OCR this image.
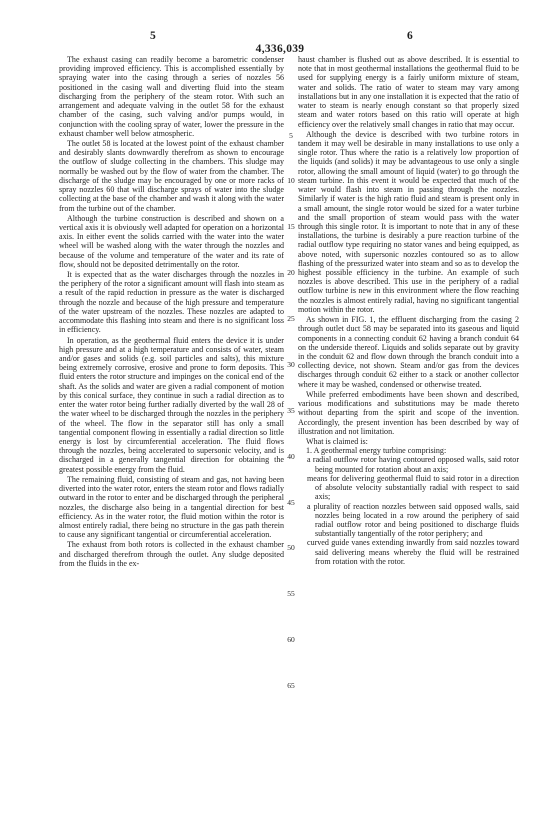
5
4,336,039
6

The exhaust casing can readily become a barometric condenser providing improved efficiency. This is accomplished essentially by spraying water into the casing through a series of nozzles 56 positioned in the casing wall and diverting fluid into the steam discharging from the periphery of the steam rotor. With such an arrangement and adequate valving in the outlet 58 for the exhaust chamber of the casing, such valving and/or pumps would, in conjunction with the cooling spray of water, lower the pressure in the exhaust chamber well below atmospheric.

The outlet 58 is located at the lowest point of the exhaust chamber and desirably slants downwardly therefrom as shown to encourage the outflow of sludge collecting in the chambers. This sludge may normally be washed out by the flow of water from the chamber. The discharge of the sludge may be encouraged by one or more racks of spray nozzles 60 that will discharge sprays of water into the sludge collecting at the base of the chamber and wash it along with the water from the turbine out of the chamber.

Although the turbine construction is described and shown on a vertical axis it is obviously well adapted for operation on a horizontal axis. In either event the solids carried with the water into the water wheel will be washed along with the water through the nozzles and because of the volume and temperature of the water and its rate of flow, should not be deposited detrimentally on the rotor.

It is expected that as the water discharges through the nozzles in the periphery of the rotor a significant amount will flash into steam as a result of the rapid reduction in pressure as the water is discharged through the nozzle and because of the high pressure and temperature of the water upstream of the nozzles. These nozzles are adapted to accommodate this flashing into steam and there is no significant loss in efficiency.

In operation, as the geothermal fluid enters the device it is under high pressure and at a high temperature and consists of water, steam and/or gases and solids (e.g. soil particles and salts), this mixture being extremely corrosive, erosive and prone to form deposits. This fluid enters the rotor structure and impinges on the conical end of the shaft. As the solids and water are given a radial component of motion by this conical surface, they continue in such a radial direction as to enter the water rotor being further radially diverted by the wall 28 of the water wheel to be discharged through the nozzles in the periphery of the wheel. The flow in the separator still has only a small tangential component flowing in essentially a radial direction so little energy is lost by circumferential acceleration. The fluid flows through the nozzles, being accelerated to supersonic velocity, and is discharged in a generally tangential direction for obtaining the greatest possible energy from the fluid.

The remaining fluid, consisting of steam and gas, not having been diverted into the water rotor, enters the steam rotor and flows radially outward in the rotor to enter and be discharged through the peripheral nozzles, the discharge also being in a tangential direction for best efficiency. As in the water rotor, the fluid motion within the rotor is almost entirely radial, there being no structure in the gas path therein to cause any significant tangential or circumferential acceleration.

The exhaust from both rotors is collected in the exhaust chamber and discharged therefrom through the outlet. Any sludge deposited from the fluids in the ex-

5
10
15
20
25
30
35
40
45
50
55
60
65

haust chamber is flushed out as above described. It is essential to note that in most geothermal installations the geothermal fluid to be used for supplying energy is a fairly uniform mixture of steam, water and solids. The ratio of water to steam may vary among installations but in any one installation it is expected that the ratio of water to steam is nearly enough constant so that properly sized steam and water rotors based on this ratio will operate at high efficiency over the relatively small changes in ratio that may occur.

Although the device is described with two turbine rotors in tandem it may well be desirable in many installations to use only a single rotor. Thus where the ratio is a relatively low proportion of the liquids (and solids) it may be advantageous to use only a single rotor, allowing the small amount of liquid (water) to go through the steam turbine. In this event it would be expected that much of the water would flash into steam in passing through the nozzles. Similarly if water is the high ratio fluid and steam is present only in a small amount, the single rotor would be sized for a water turbine and the small proportion of steam would pass with the water through this single rotor. It is important to note that in any of these installations, the turbine is desirably a pure reaction turbine of the radial outflow type requiring no stator vanes and being equipped, as above noted, with supersonic nozzles contoured so as to allow flashing of the pressurized water into steam and so as to develop the highest possible efficiency in the turbine. An example of such nozzles is above described. This use in the periphery of a radial outflow turbine is new in this environment where the flow reaching the nozzles is almost entirely radial, having no significant tangential motion within the rotor.

As shown in FIG. 1, the effluent discharging from the casing 2 through outlet duct 58 may be separated into its gaseous and liquid components in a connecting conduit 62 having a branch conduit 64 on the underside thereof. Liquids and solids separate out by gravity in the conduit 62 and flow down through the branch conduit into a collecting device, not shown. Steam and/or gas from the devices discharges through conduit 62 either to a stack or another collector where it may be washed, condensed or otherwise treated.

While preferred embodiments have been shown and described, various modifications and substitutions may be made thereto without departing from the spirit and scope of the invention. Accordingly, the present invention has been described by way of illustration and not limitation.

What is claimed is:

1. A geothermal energy turbine comprising:

a radial outflow rotor having contoured opposed walls, said rotor being mounted for rotation about an axis;

means for delivering geothermal fluid to said rotor in a direction of absolute velocity substantially radial with respect to said axis;

a plurality of reaction nozzles between said opposed walls, said nozzles being located in a row around the periphery of said radial outflow rotor and being positioned to discharge fluids substantially tangentially of the rotor periphery; and

curved guide vanes extending inwardly from said nozzles toward said delivering means whereby the fluid will be restrained from rotation with the rotor.
